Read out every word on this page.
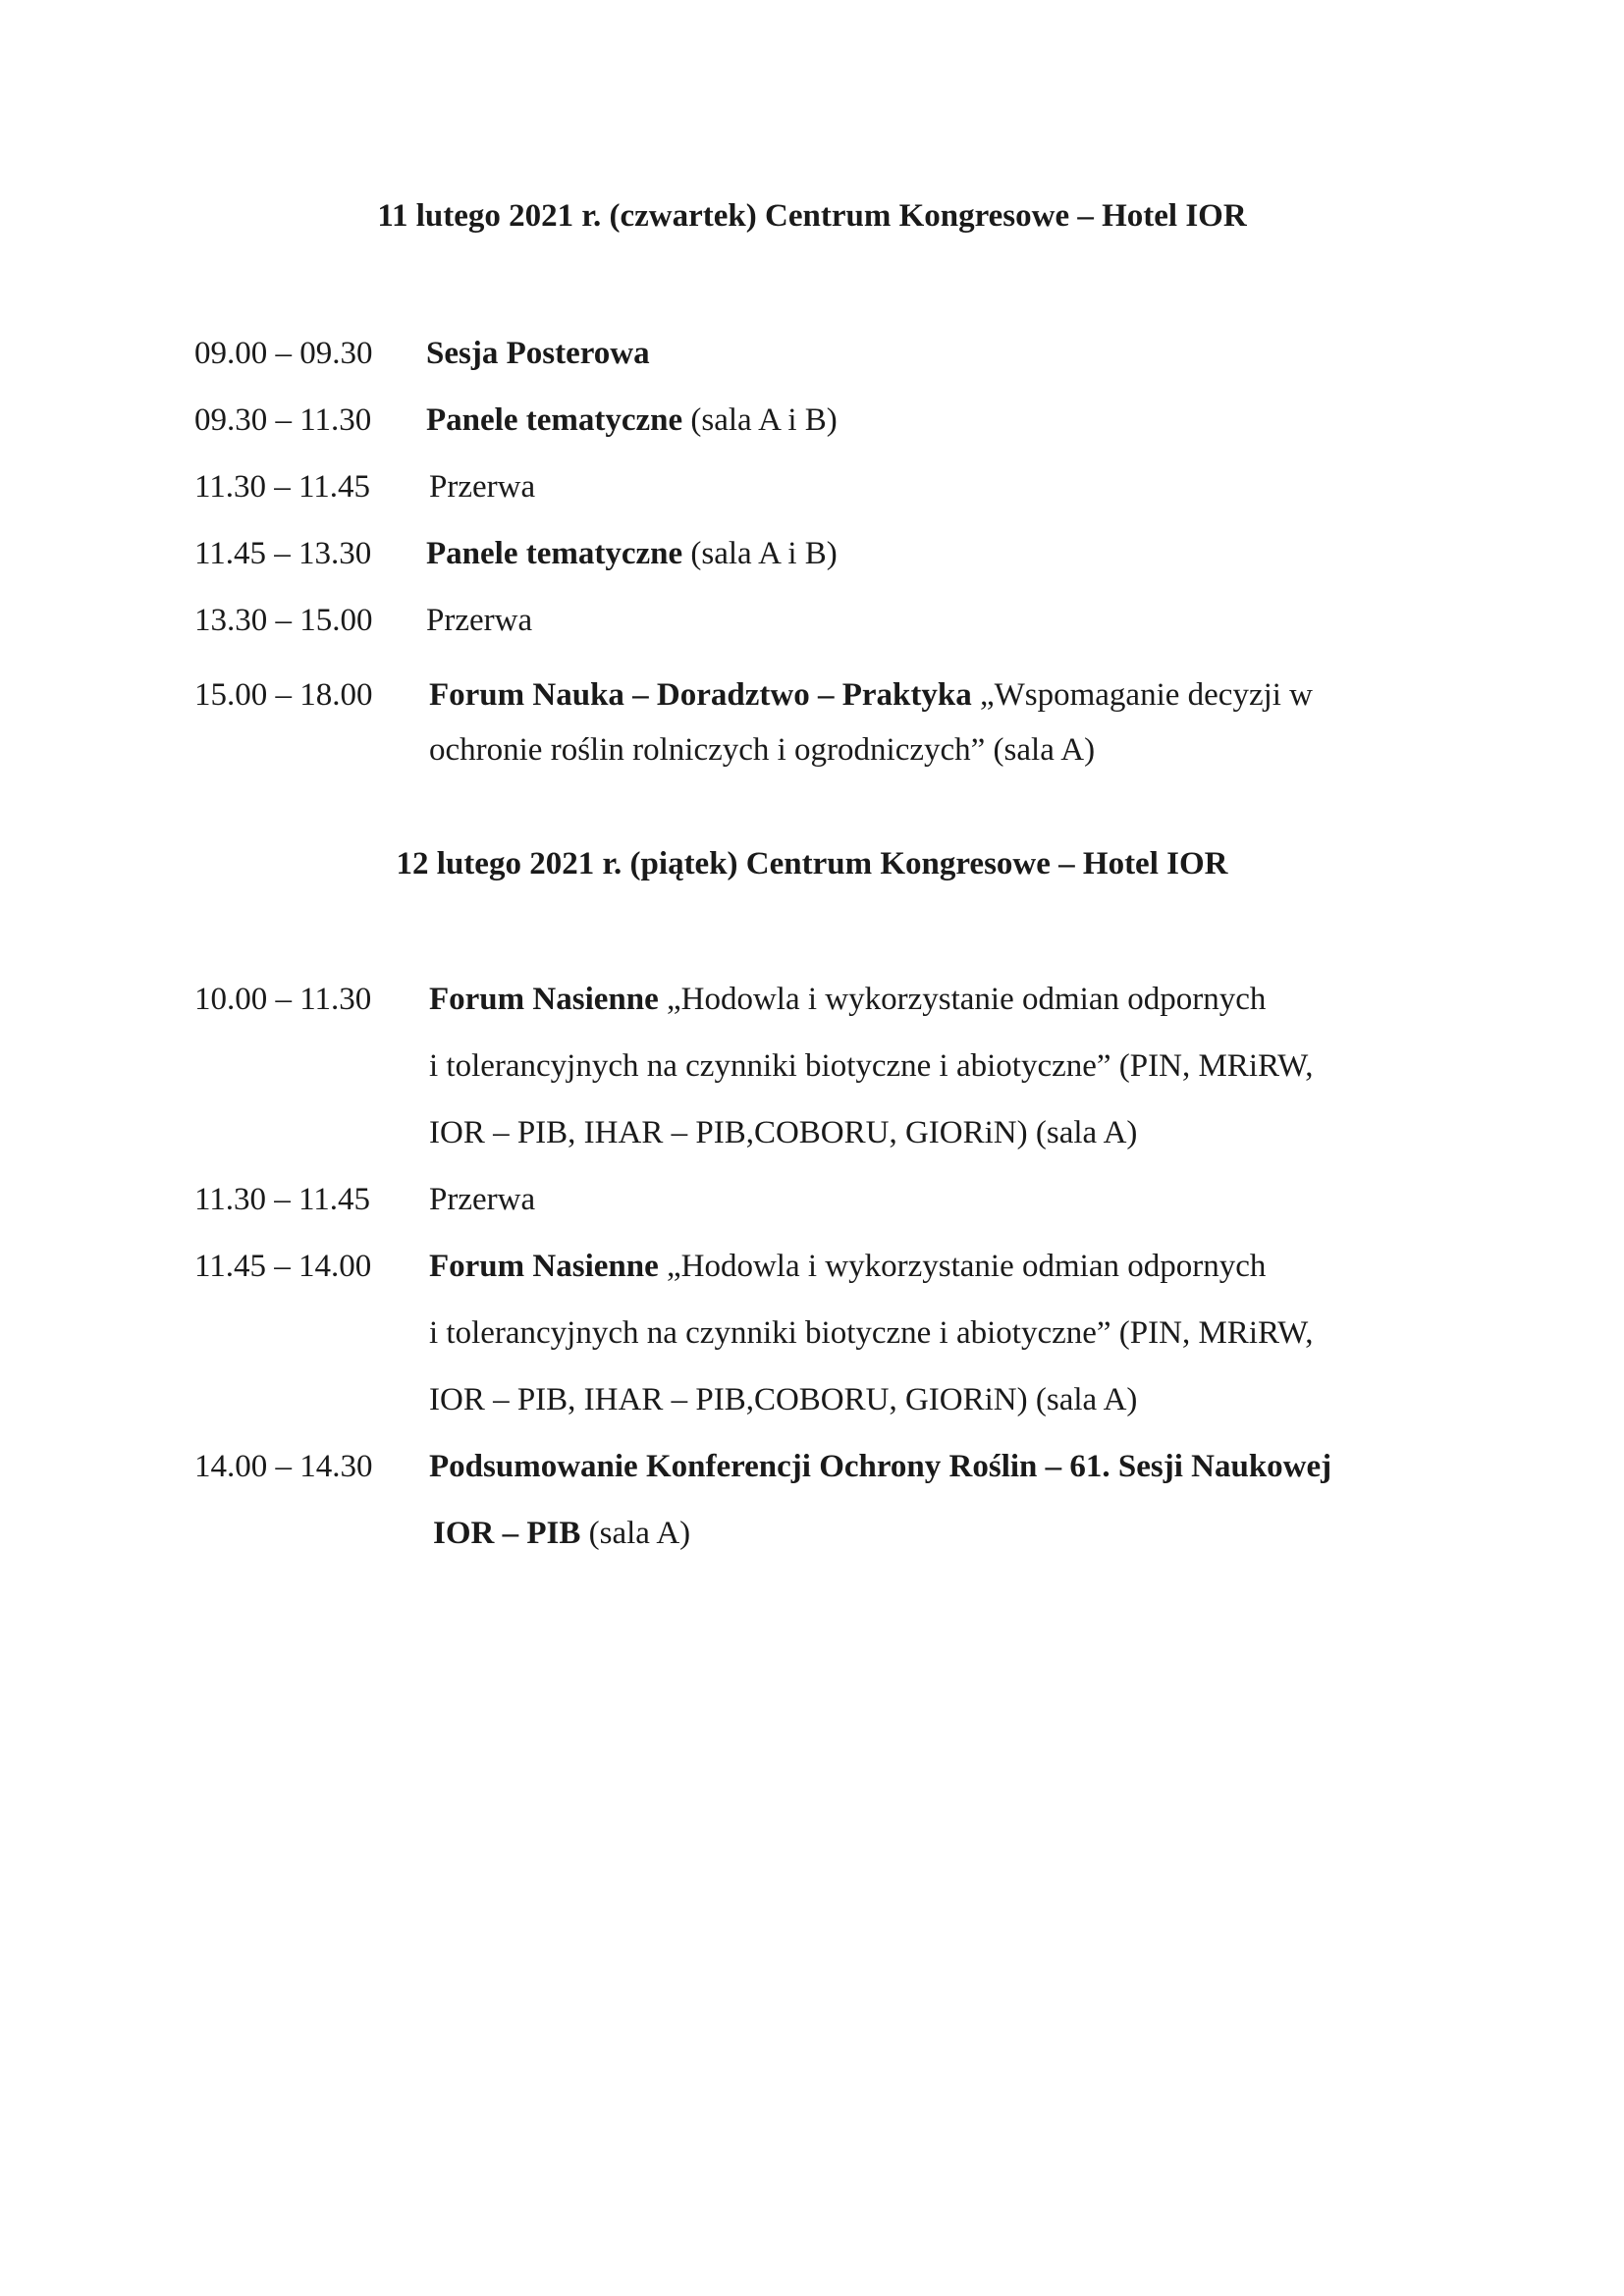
11 lutego 2021 r. (czwartek) Centrum Kongresowe – Hotel IOR
09.00 – 09.30 Sesja Posterowa
09.30 – 11.30 Panele tematyczne (sala A i B)
11.30 – 11.45 Przerwa
11.45 – 13.30 Panele tematyczne (sala A i B)
13.30 – 15.00 Przerwa
15.00 – 18.00 Forum Nauka – Doradztwo – Praktyka „Wspomaganie decyzji w
ochronie roślin rolniczych i ogrodniczych” (sala A)
12 lutego 2021 r. (piątek) Centrum Kongresowe – Hotel IOR
10.00 – 11.30 Forum Nasienne „Hodowla i wykorzystanie odmian odpornych
i tolerancyjnych na czynniki biotyczne i abiotyczne” (PIN, MRiRW,
IOR – PIB, IHAR – PIB,COBORU, GIORiN) (sala A)
11.30 – 11.45 Przerwa
11.45 – 14.00 Forum Nasienne „Hodowla i wykorzystanie odmian odpornych
i tolerancyjnych na czynniki biotyczne i abiotyczne” (PIN, MRiRW,
IOR – PIB, IHAR – PIB,COBORU, GIORiN) (sala A)
14.00 – 14.30 Podsumowanie Konferencji Ochrony Roślin – 61. Sesji Naukowej
IOR – PIB (sala A)
